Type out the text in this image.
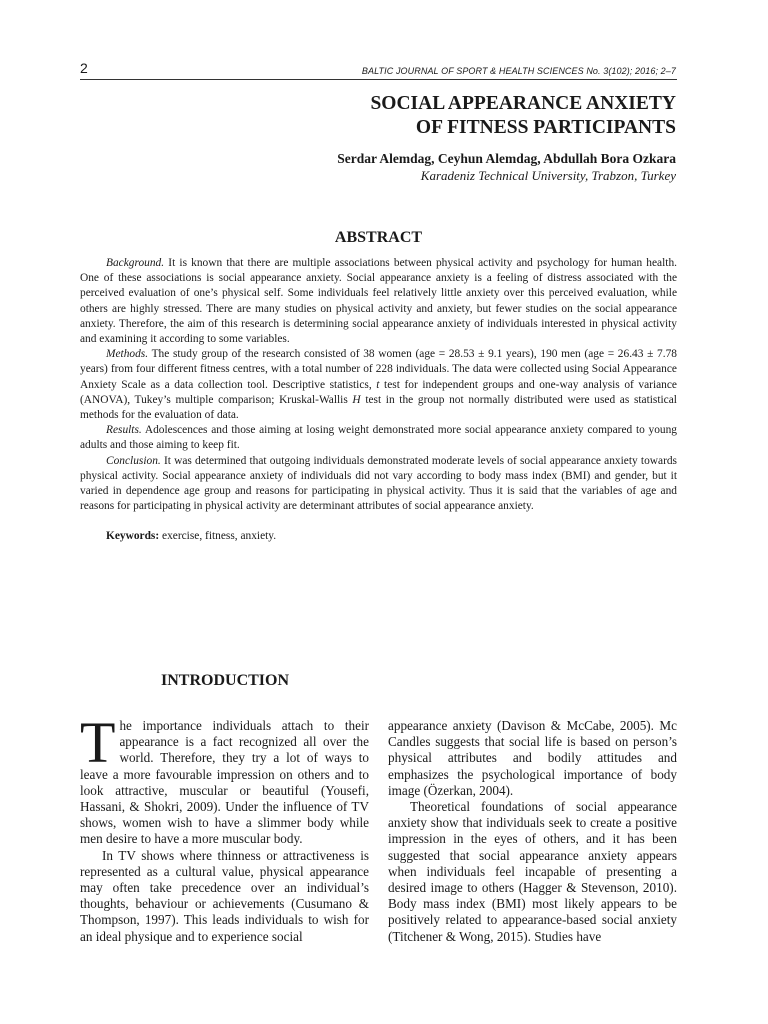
2	BALTIC JOURNAL OF SPORT & HEALTH SCIENCES No. 3(102); 2016; 2–7
SOCIAL APPEARANCE ANXIETY
OF FITNESS PARTICIPANTS
Serdar Alemdag, Ceyhun Alemdag, Abdullah Bora Ozkara
Karadeniz Technical University, Trabzon, Turkey
ABSTRACT

Background. It is known that there are multiple associations between physical activity and psychology for human health. One of these associations is social appearance anxiety. Social appearance anxiety is a feeling of distress associated with the perceived evaluation of one’s physical self. Some individuals feel relatively little anxiety over this perceived evaluation, while others are highly stressed. There are many studies on physical activity and anxiety, but fewer studies on the social appearance anxiety. Therefore, the aim of this research is determining social appearance anxiety of individuals interested in physical activity and examining it according to some variables.

Methods. The study group of the research consisted of 38 women (age = 28.53 ± 9.1 years), 190 men (age = 26.43 ± 7.78 years) from four different fitness centres, with a total number of 228 individuals. The data were collected using Social Appearance Anxiety Scale as a data collection tool. Descriptive statistics, t test for independent groups and one-way analysis of variance (ANOVA), Tukey’s multiple comparison; Kruskal-Wallis H test in the group not normally distributed were used as statistical methods for the evaluation of data.

Results. Adolescences and those aiming at losing weight demonstrated more social appearance anxiety compared to young adults and those aiming to keep fit.

Conclusion. It was determined that outgoing individuals demonstrated moderate levels of social appearance anxiety towards physical activity. Social appearance anxiety of individuals did not vary according to body mass index (BMI) and gender, but it varied in dependence age group and reasons for participating in physical activity. Thus it is said that the variables of age and reasons for participating in physical activity are determinant attributes of social appearance anxiety.

Keywords: exercise, fitness, anxiety.
INTRODUCTION

The importance individuals attach to their appearance is a fact recognized all over the world. Therefore, they try a lot of ways to leave a more favourable impression on others and to look attractive, muscular or beautiful (Yousefi, Hassani, & Shokri, 2009). Under the influence of TV shows, women wish to have a slimmer body while men desire to have a more muscular body.

In TV shows where thinness or attractiveness is represented as a cultural value, physical appearance may often take precedence over an individual’s thoughts, behaviour or achievements (Cusumano & Thompson, 1997). This leads individuals to wish for an ideal physique and to experience social

appearance anxiety (Davison & McCabe, 2005). Mc Candles suggests that social life is based on person’s physical attributes and bodily attitudes and emphasizes the psychological importance of body image (Özerkan, 2004).

Theoretical foundations of social appearance anxiety show that individuals seek to create a positive impression in the eyes of others, and it has been suggested that social appearance anxiety appears when individuals feel incapable of presenting a desired image to others (Hagger & Stevenson, 2010). Body mass index (BMI) most likely appears to be positively related to appearance-based social anxiety (Titchener & Wong, 2015). Studies have
